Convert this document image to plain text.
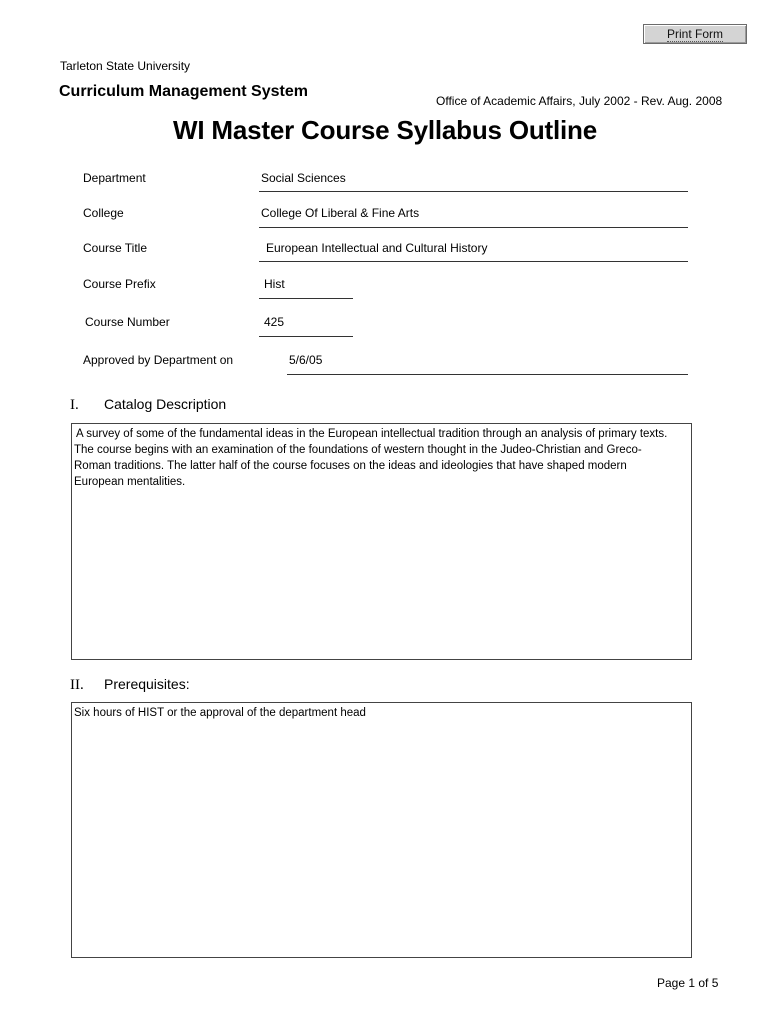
Print Form
Tarleton State University
Curriculum Management System
Office of Academic Affairs, July 2002 - Rev. Aug. 2008
WI Master Course Syllabus Outline
Department	Social Sciences
College	College Of Liberal & Fine Arts
Course Title	European Intellectual and Cultural History
Course Prefix	Hist
Course Number	425
Approved by Department on	5/6/05
I. Catalog Description
A survey of some of the fundamental ideas in the European intellectual tradition through an analysis of primary texts.
The course begins with an examination of the foundations of western thought in the Judeo-Christian and Greco-
Roman traditions. The latter half of the course focuses on the ideas and ideologies that have shaped modern
European mentalities.
II. Prerequisites:
Six hours of HIST or the approval of the department head
Page 1 of 5
